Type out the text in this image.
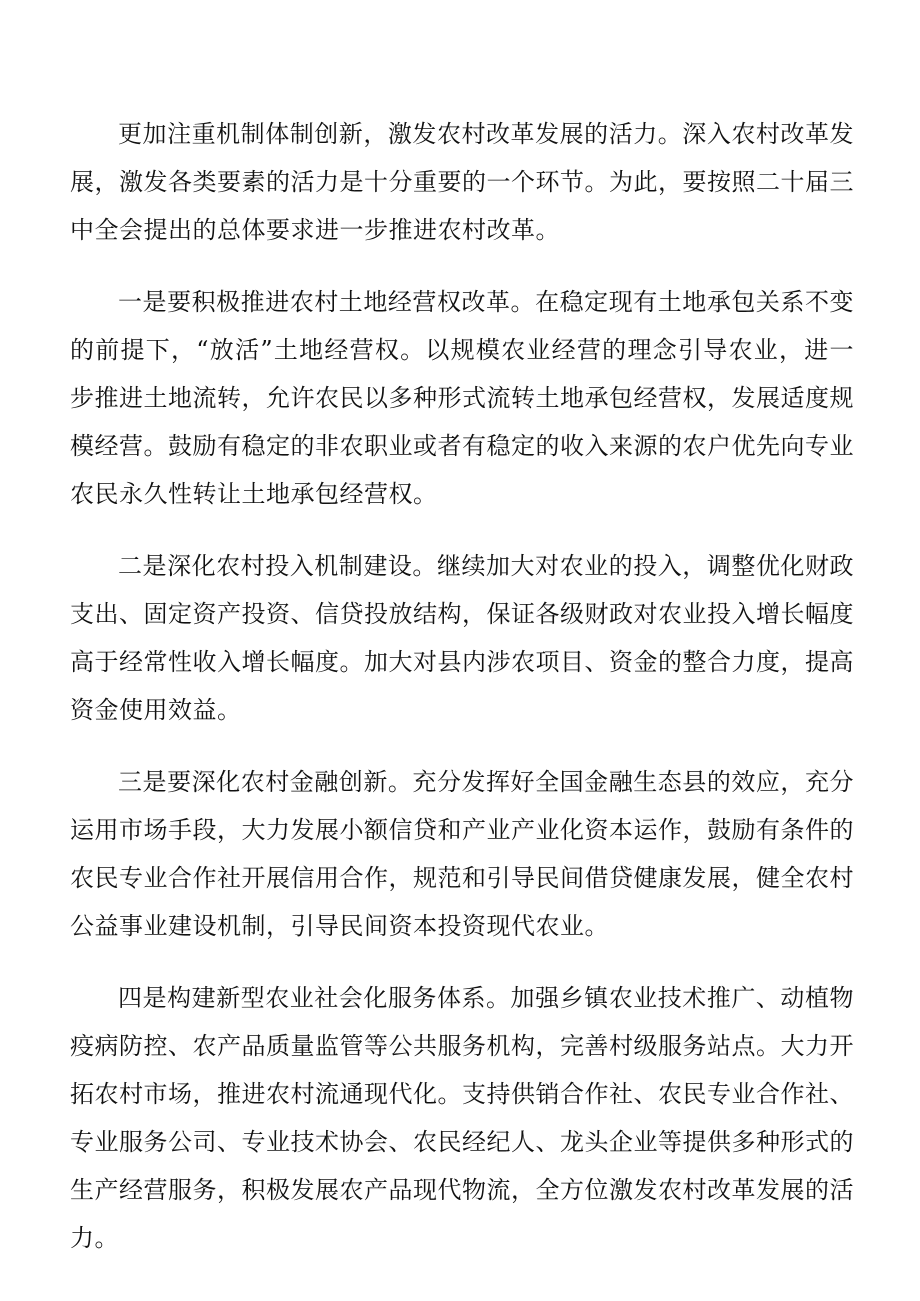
更加注重机制体制创新，激发农村改革发展的活力。深入农村改革发展，激发各类要素的活力是十分重要的一个环节。为此，要按照二十届三中全会提出的总体要求进一步推进农村改革。

一是要积极推进农村土地经营权改革。在稳定现有土地承包关系不变的前提下，“放活”土地经营权。以规模农业经营的理念引导农业，进一步推进土地流转，允许农民以多种形式流转土地承包经营权，发展适度规模经营。鼓励有稳定的非农职业或者有稳定的收入来源的农户优先向专业农民永久性转让土地承包经营权。

二是深化农村投入机制建设。继续加大对农业的投入，调整优化财政支出、固定资产投资、信贷投放结构，保证各级财政对农业投入增长幅度高于经常性收入增长幅度。加大对县内涉农项目、资金的整合力度，提高资金使用效益。

三是要深化农村金融创新。充分发挥好全国金融生态县的效应，充分运用市场手段，大力发展小额信贷和产业产业化资本运作，鼓励有条件的农民专业合作社开展信用合作，规范和引导民间借贷健康发展，健全农村公益事业建设机制，引导民间资本投资现代农业。

四是构建新型农业社会化服务体系。加强乡镇农业技术推广、动植物疫病防控、农产品质量监管等公共服务机构，完善村级服务站点。大力开拓农村市场，推进农村流通现代化。支持供销合作社、农民专业合作社、专业服务公司、专业技术协会、农民经纪人、龙头企业等提供多种形式的生产经营服务，积极发展农产品现代物流，全方位激发农村改革发展的活力。
